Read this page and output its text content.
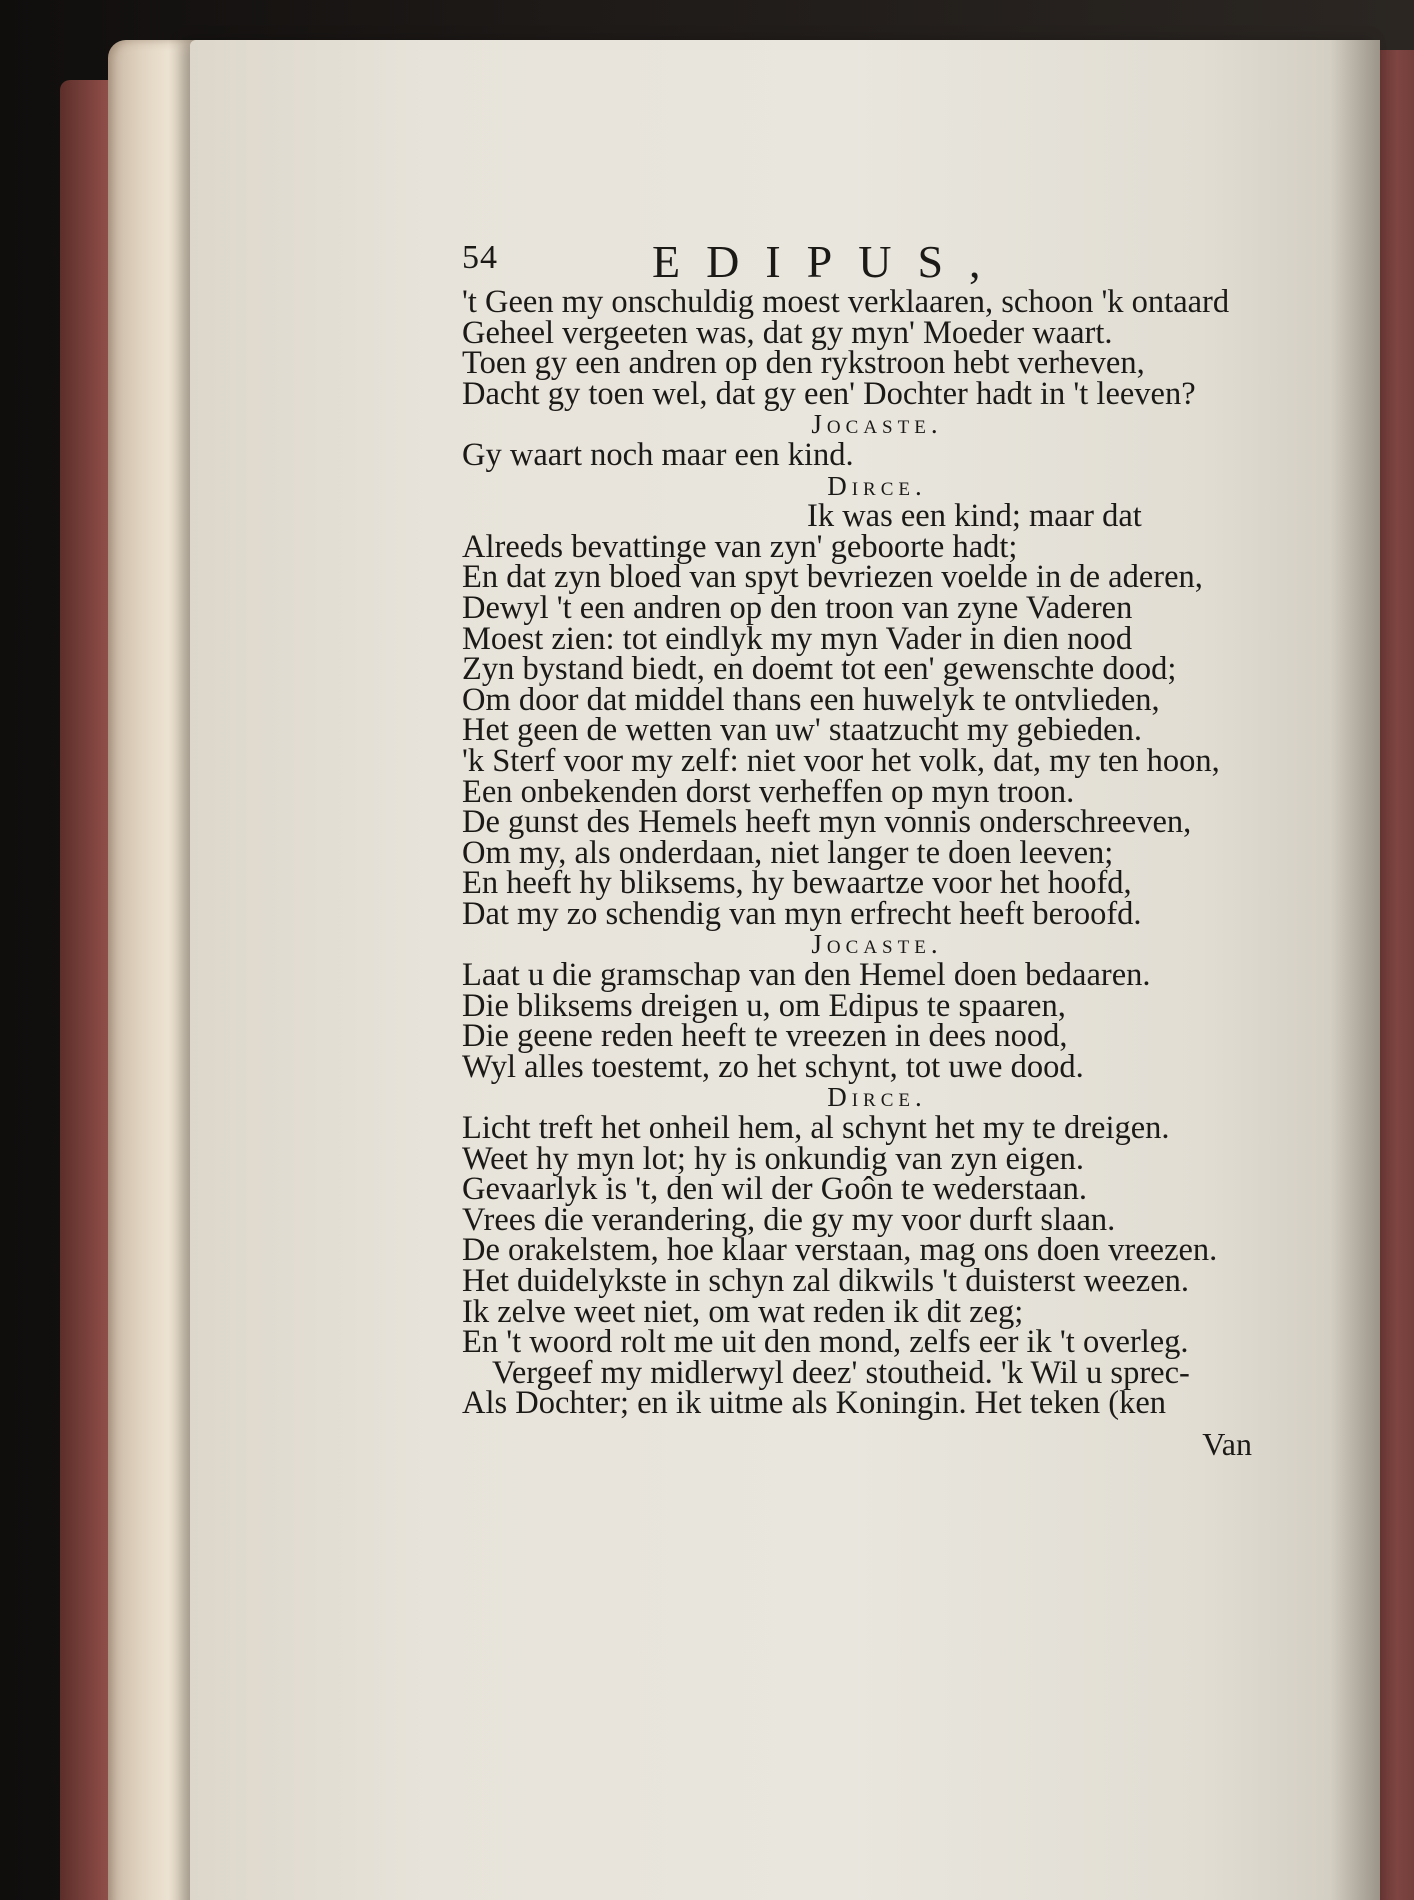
54	EDIPUS,
't Geen my onschuldig moest verklaaren, schoon 'k ontaard
Geheel vergeeten was, dat gy myn' Moeder waart.
Toen gy een andren op den rykstroon hebt verheven,
Dacht gy toen wel, dat gy een' Dochter hadt in 't leeven?
Jocaste.
Gy waart noch maar een kind.
Dirce.
Ik was een kind; maar dat
Alreeds bevattinge van zyn' geboorte hadt;
En dat zyn bloed van spyt bevriezen voelde in de aderen,
Dewyl 't een andren op den troon van zyne Vaderen
Moest zien: tot eindlyk my myn Vader in dien nood
Zyn bystand biedt, en doemt tot een' gewenschte dood;
Om door dat middel thans een huwelyk te ontvlieden,
Het geen de wetten van uw' staatzucht my gebieden.
'k Sterf voor my zelf: niet voor het volk, dat, my ten hoon,
Een onbekenden dorst verheffen op myn troon.
De gunst des Hemels heeft myn vonnis onderschreeven,
Om my, als onderdaan, niet langer te doen leeven;
En heeft hy bliksems, hy bewaartze voor het hoofd,
Dat my zo schendig van myn erfrecht heeft beroofd.
Jocaste.
Laat u die gramschap van den Hemel doen bedaaren.
Die bliksems dreigen u, om Edipus te spaaren,
Die geene reden heeft te vreezen in dees nood,
Wyl alles toestemt, zo het schynt, tot uwe dood.
Dirce.
Licht treft het onheil hem, al schynt het my te dreigen.
Weet hy myn lot; hy is onkundig van zyn eigen.
Gevaarlyk is 't, den wil der Goôn te wederstaan.
Vrees die verandering, die gy my voor durft slaan.
De orakelstem, hoe klaar verstaan, mag ons doen vreezen.
Het duidelykste in schyn zal dikwils 't duisterst weezen.
Ik zelve weet niet, om wat reden ik dit zeg;
En 't woord rolt me uit den mond, zelfs eer ik 't overleg.
Vergeef my midlerwyl deez' stoutheid. 'k Wil u sprec-
Als Dochter; en ik uitme als Koningin. Het teken (ken
Van
